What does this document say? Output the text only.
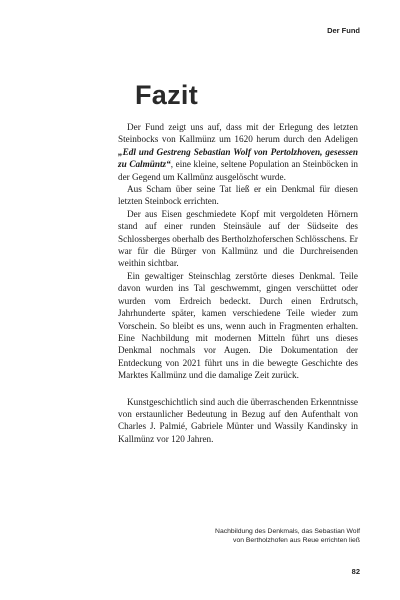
Der Fund
Fazit

Der Fund zeigt uns auf, dass mit der Erlegung des letzten Steinbocks von Kallmünz um 1620 herum durch den Adeligen „Edl und Gestreng Sebastian Wolf von Pertolzhoven, gesessen zu Calmüntz“, eine kleine, seltene Population an Steinböcken in der Gegend um Kallmünz ausgelöscht wurde.

Aus Scham über seine Tat ließ er ein Denkmal für diesen letzten Steinbock errichten.

Der aus Eisen geschmiedete Kopf mit vergoldeten Hörnern stand auf einer runden Steinsäule auf der Südseite des Schlossberges oberhalb des Bertholzhoferschen Schlösschens. Er war für die Bürger von Kallmünz und die Durchreisenden weithin sichtbar.

Ein gewaltiger Steinschlag zerstörte dieses Denkmal. Teile davon wurden ins Tal geschwemmt, gingen verschüttet oder wurden vom Erdreich bedeckt. Durch einen Erdrutsch, Jahrhunderte später, kamen verschiedene Teile wieder zum Vorschein. So bleibt es uns, wenn auch in Fragmenten erhalten. Eine Nachbildung mit modernen Mitteln führt uns dieses Denkmal nochmals vor Augen. Die Dokumentation der Entdeckung von 2021 führt uns in die bewegte Geschichte des Marktes Kallmünz und die damalige Zeit zurück.

Kunstgeschichtlich sind auch die überraschenden Erkenntnisse von erstaunlicher Bedeutung in Bezug auf den Aufenthalt von Charles J. Palmié, Gabriele Münter und Wassily Kandinsky in Kallmünz vor 120 Jahren.

Nachbildung des Denkmals, das Sebastian Wolf
von Bertholzhofen aus Reue errichten ließ
82
